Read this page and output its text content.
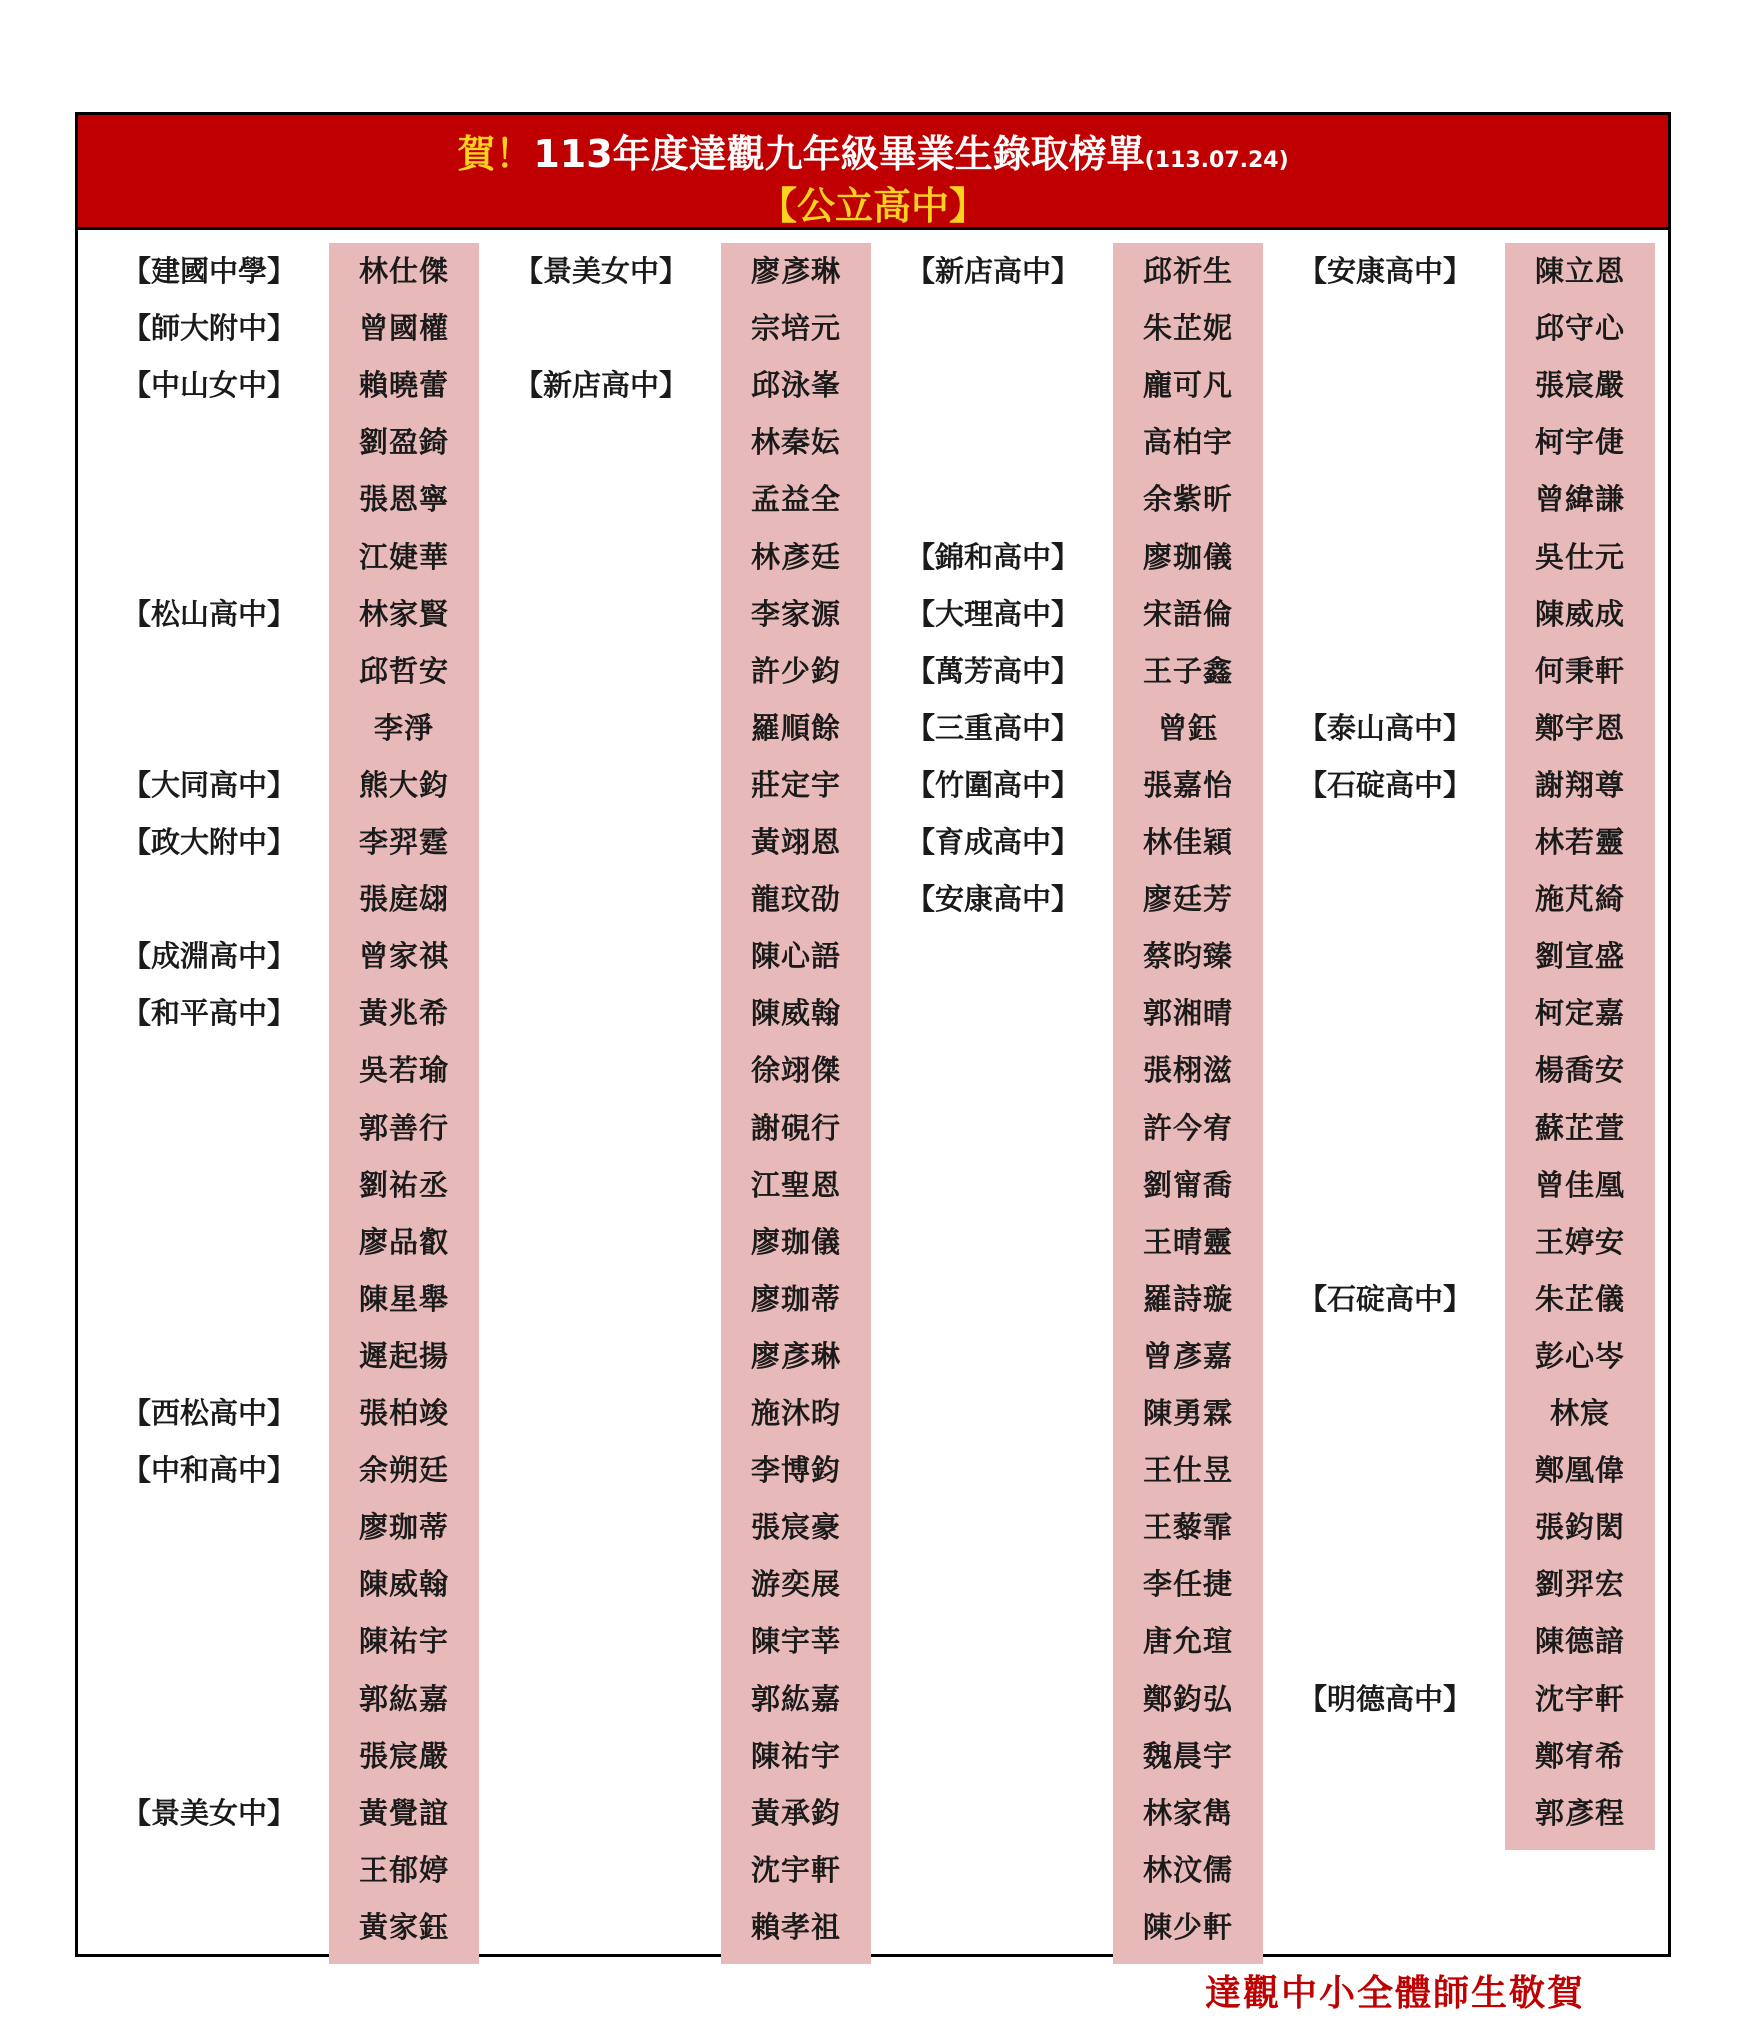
賀！113年度達觀九年級畢業生錄取榜單(113.07.24)
【公立高中】
林仕傑
曾國權
賴曉蕾
劉盈錡
張恩寧
江婕華
林家賢
邱哲安
李淨
熊大鈞
李羿霆
張庭翃
曾家祺
黃兆希
吳若瑜
郭善行
劉祐丞
廖品叡
陳星舉
遲起揚
張柏竣
余朔廷
廖珈蒂
陳威翰
陳祐宇
郭紘嘉
張宸嚴
黃覺誼
王郁婷
黃家鈺
【建國中學】
【師大附中】
【中山女中】
【松山高中】
【大同高中】
【政大附中】
【成淵高中】
【和平高中】
【西松高中】
【中和高中】
【景美女中】
廖彥琳
宗培元
邱泳峯
林秦妘
孟益全
林彥廷
李家源
許少鈞
羅順餘
莊定宇
黃翊恩
龍玟劭
陳心語
陳威翰
徐翊傑
謝硯行
江聖恩
廖珈儀
廖珈蒂
廖彥琳
施沐昀
李博鈞
張宸豪
游奕展
陳宇莘
郭紘嘉
陳祐宇
黃承鈞
沈宇軒
賴孝祖
【景美女中】
【新店高中】
邱祈生
朱芷妮
龐可凡
高柏宇
余紫昕
廖珈儀
宋語倫
王子鑫
曾鈺
張嘉怡
林佳穎
廖廷芳
蔡昀臻
郭湘晴
張栩滋
許今宥
劉甯喬
王晴靈
羅詩璇
曾彥嘉
陳勇霖
王仕昱
王藜霏
李任捷
唐允瑄
鄭鈞弘
魏晨宇
林家雋
林汶儒
陳少軒
【新店高中】
【錦和高中】
【大理高中】
【萬芳高中】
【三重高中】
【竹圍高中】
【育成高中】
【安康高中】
陳立恩
邱守心
張宸嚴
柯宇倢
曾緯謙
吳仕元
陳威成
何秉軒
鄭宇恩
謝翔尊
林若靈
施芃綺
劉宣盛
柯定嘉
楊喬安
蘇芷萱
曾佳凰
王婷安
朱芷儀
彭心岑
林宸
鄭凰偉
張鈞閎
劉羿宏
陳德諳
沈宇軒
鄭宥希
郭彥程
【安康高中】
【泰山高中】
【石碇高中】
【石碇高中】
【明德高中】
達觀中小全體師生敬賀
